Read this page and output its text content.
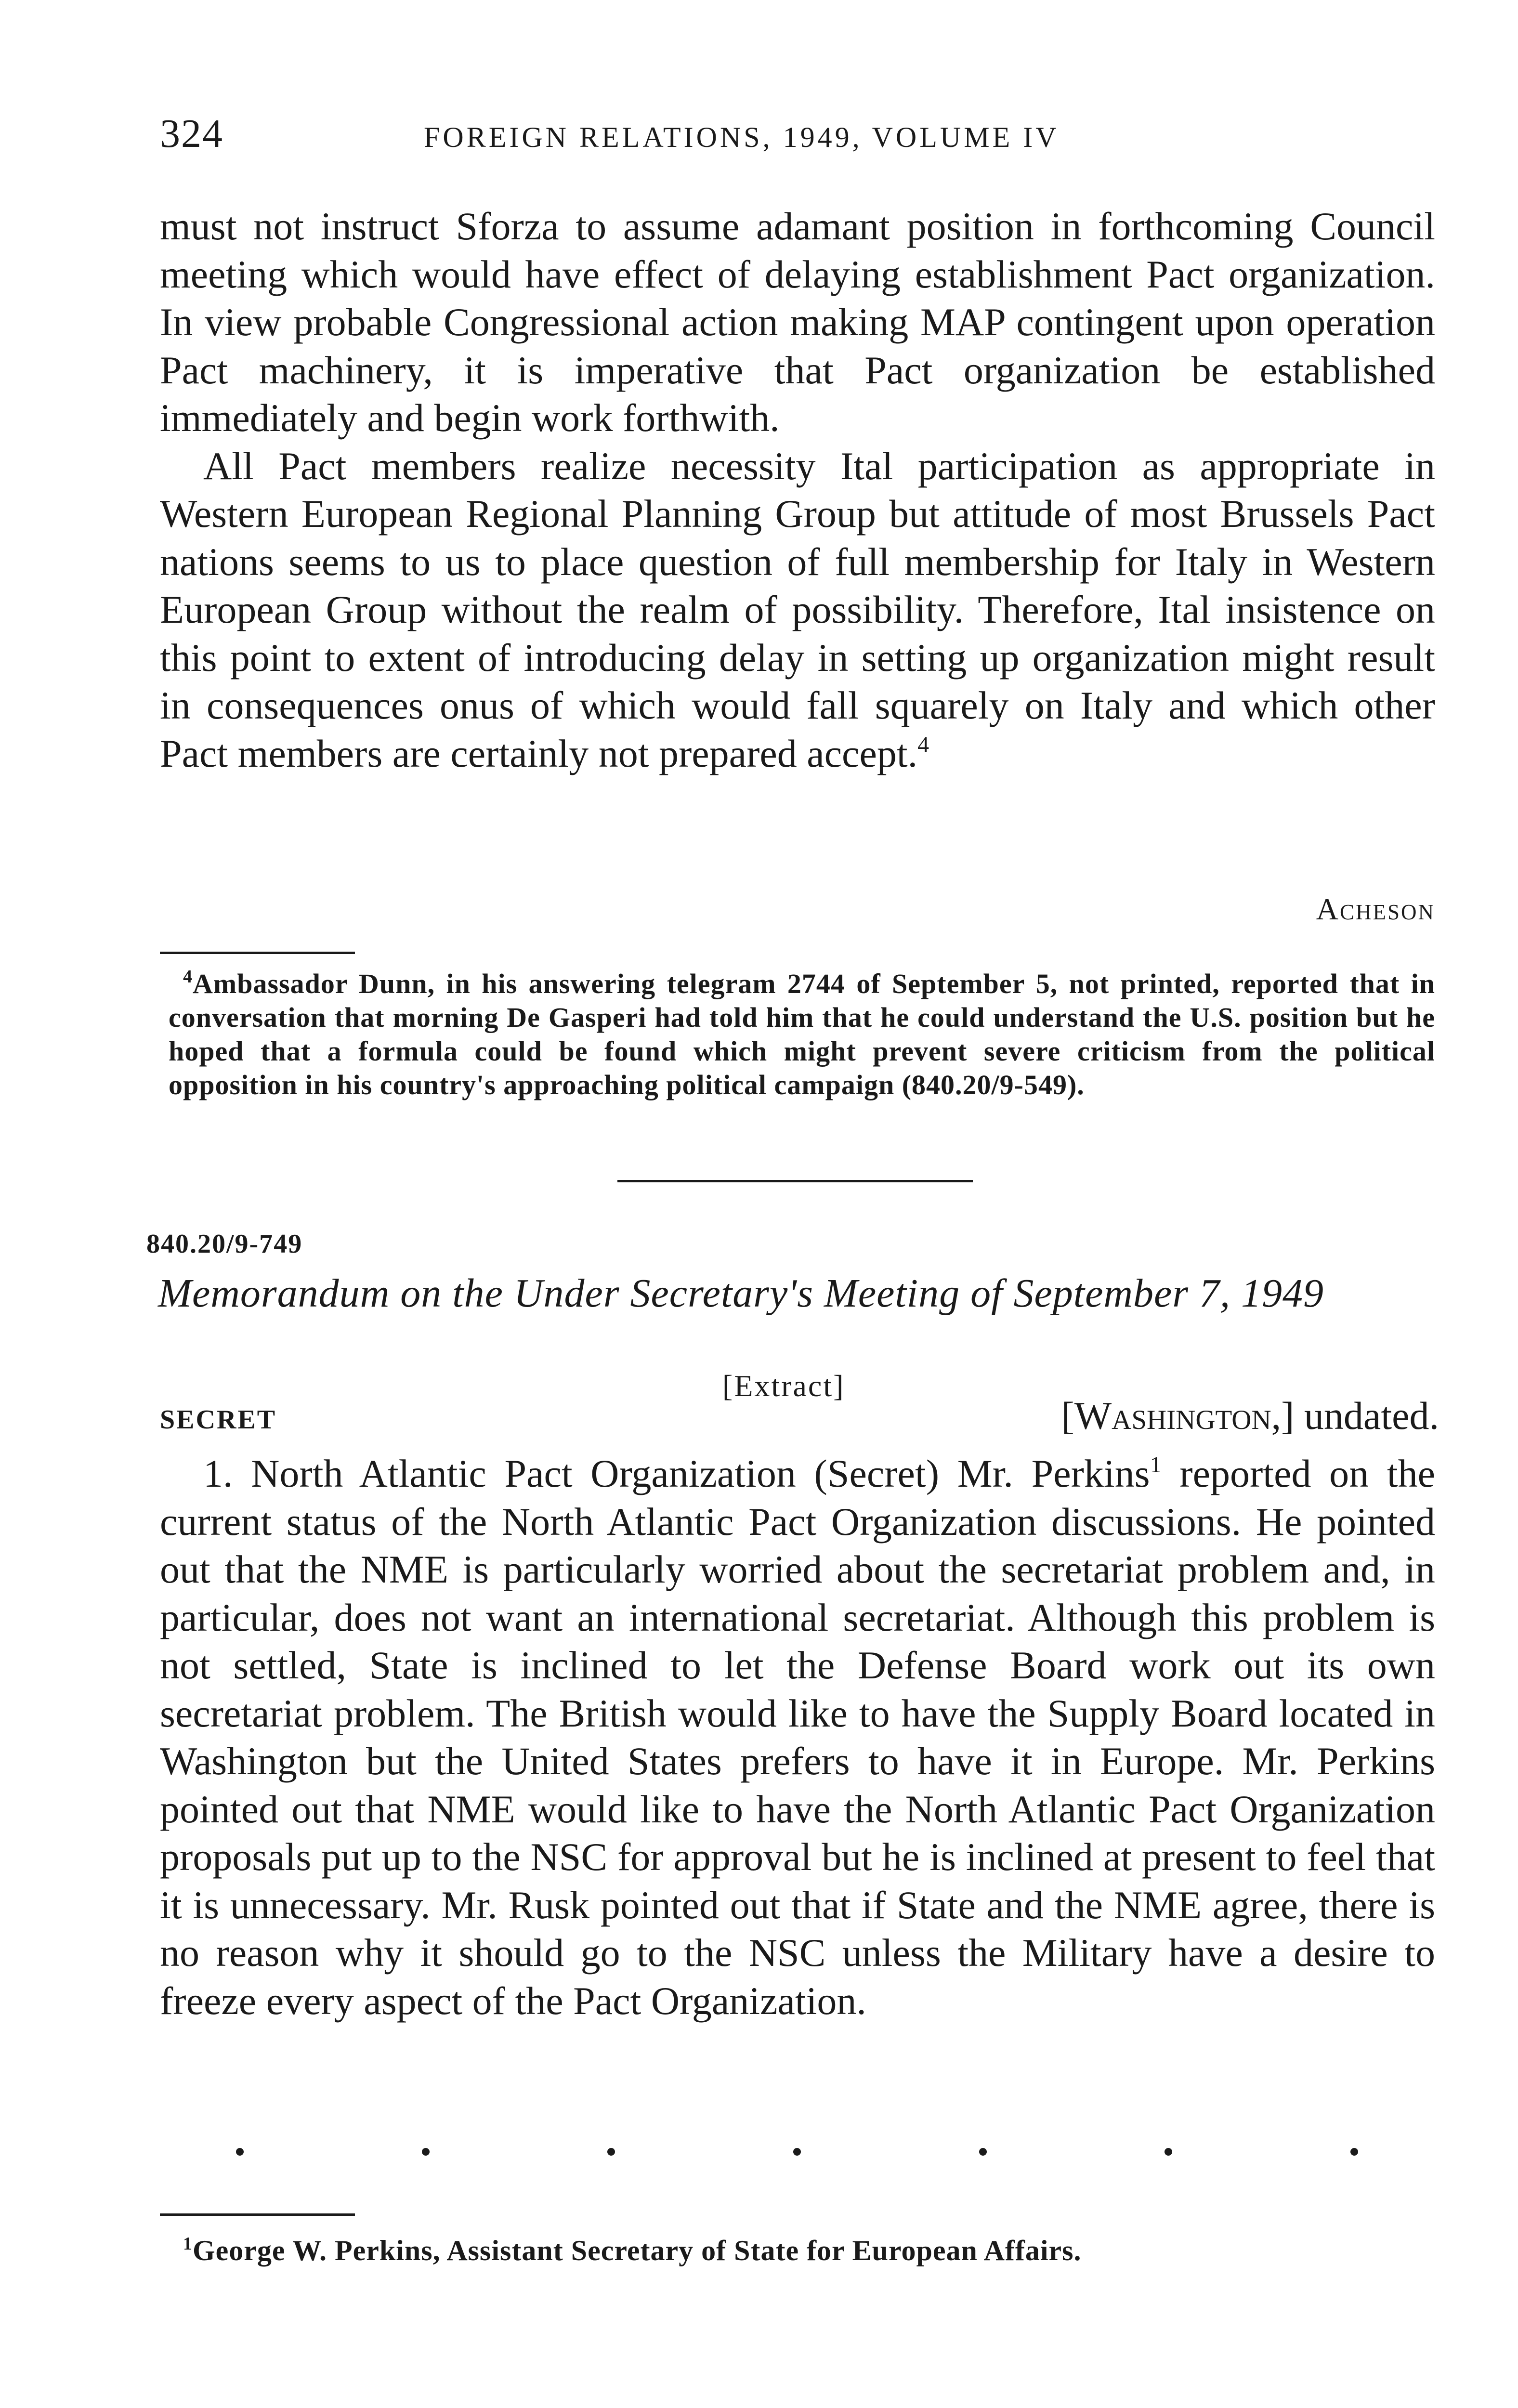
324	FOREIGN RELATIONS, 1949, VOLUME IV

must not instruct Sforza to assume adamant position in forthcoming Council meeting which would have effect of delaying establishment Pact organization. In view probable Congressional action making MAP contingent upon operation Pact machinery, it is imperative that Pact organization be established immediately and begin work forthwith.

All Pact members realize necessity Ital participation as appropriate in Western European Regional Planning Group but attitude of most Brussels Pact nations seems to us to place question of full membership for Italy in Western European Group without the realm of possibility. Therefore, Ital insistence on this point to extent of introducing delay in setting up organization might result in consequences onus of which would fall squarely on Italy and which other Pact members are certainly not prepared accept.$^4$

Acheson
$^4$Ambassador Dunn, in his answering telegram 2744 of September 5, not printed, reported that in conversation that morning De Gasperi had told him that he could understand the U.S. position but he hoped that a formula could be found which might prevent severe criticism from the political opposition in his country's approaching political campaign (840.20/9-549).
840.20/9-749
Memorandum on the Under Secretary's Meeting of September 7, 1949
[Extract]
SECRET	[Washington,] undated.

1. North Atlantic Pact Organization (Secret) Mr. Perkins$^1$ reported on the current status of the North Atlantic Pact Organization discussions. He pointed out that the NME is particularly worried about the secretariat problem and, in particular, does not want an international secretariat. Although this problem is not settled, State is inclined to let the Defense Board work out its own secretariat problem. The British would like to have the Supply Board located in Washington but the United States prefers to have it in Europe. Mr. Perkins pointed out that NME would like to have the North Atlantic Pact Organization proposals put up to the NSC for approval but he is inclined at present to feel that it is unnecessary. Mr. Rusk pointed out that if State and the NME agree, there is no reason why it should go to the NSC unless the Military have a desire to freeze every aspect of the Pact Organization.

$^1$George W. Perkins, Assistant Secretary of State for European Affairs.
